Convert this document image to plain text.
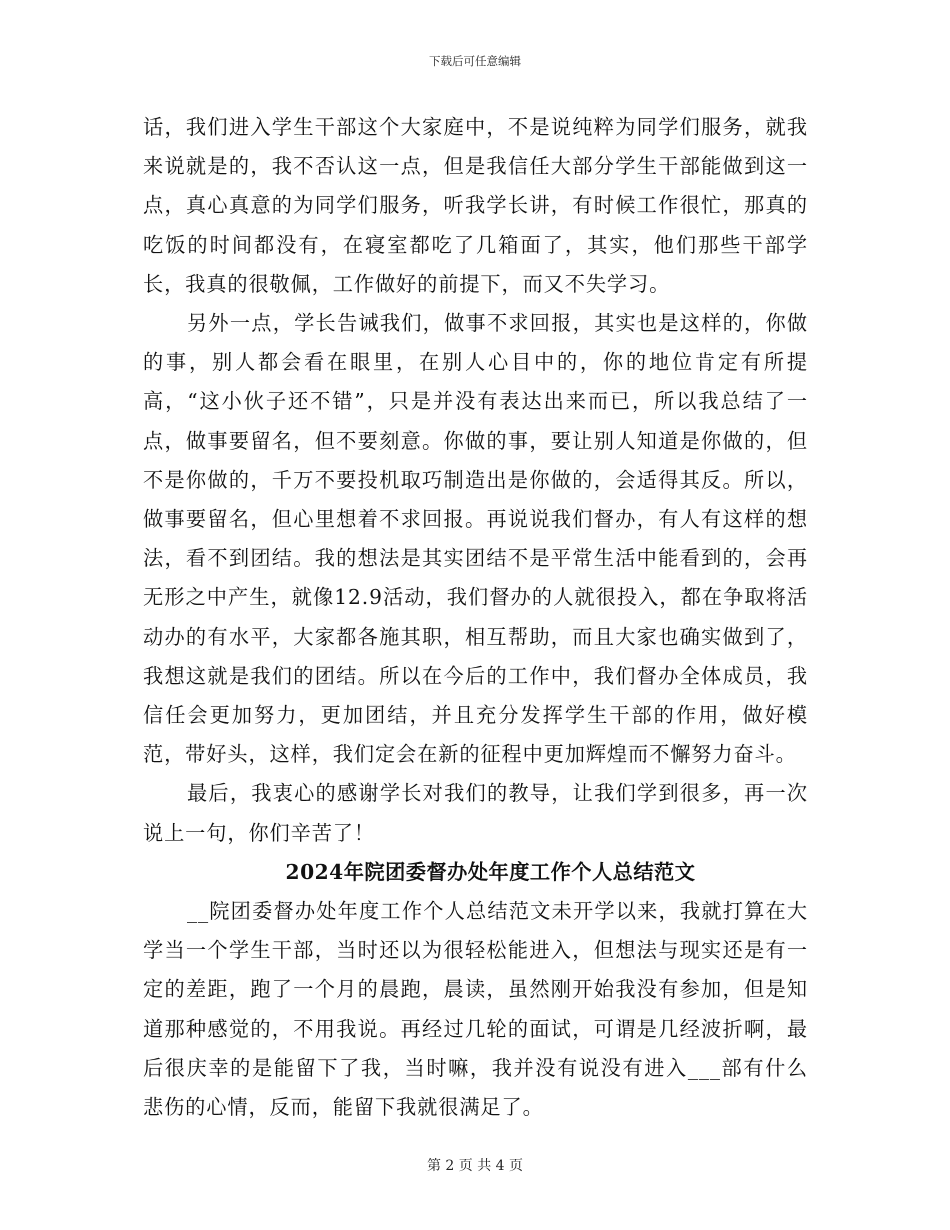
下载后可任意编辑

话，我们进入学生干部这个大家庭中，不是说纯粹为同学们服务，就我来说就是的，我不否认这一点，但是我信任大部分学生干部能做到这一点，真心真意的为同学们服务，听我学长讲，有时候工作很忙，那真的吃饭的时间都没有，在寝室都吃了几箱面了，其实，他们那些干部学长，我真的很敬佩，工作做好的前提下，而又不失学习。

另外一点，学长告诫我们，做事不求回报，其实也是这样的，你做的事，别人都会看在眼里，在别人心目中的，你的地位肯定有所提高，“这小伙子还不错”，只是并没有表达出来而已，所以我总结了一点，做事要留名，但不要刻意。你做的事，要让别人知道是你做的，但不是你做的，千万不要投机取巧制造出是你做的，会适得其反。所以，做事要留名，但心里想着不求回报。再说说我们督办，有人有这样的想法，看不到团结。我的想法是其实团结不是平常生活中能看到的，会再无形之中产生，就像12.9活动，我们督办的人就很投入，都在争取将活动办的有水平，大家都各施其职，相互帮助，而且大家也确实做到了，我想这就是我们的团结。所以在今后的工作中，我们督办全体成员，我信任会更加努力，更加团结，并且充分发挥学生干部的作用，做好模范，带好头，这样，我们定会在新的征程中更加辉煌而不懈努力奋斗。

最后，我衷心的感谢学长对我们的教导，让我们学到很多，再一次说上一句，你们辛苦了！

2024年院团委督办处年度工作个人总结范文

__院团委督办处年度工作个人总结范文未开学以来，我就打算在大学当一个学生干部，当时还以为很轻松能进入，但想法与现实还是有一定的差距，跑了一个月的晨跑，晨读，虽然刚开始我没有参加，但是知道那种感觉的，不用我说。再经过几轮的面试，可谓是几经波折啊，最后很庆幸的是能留下了我，当时嘛，我并没有说没有进入___部有什么悲伤的心情，反而，能留下我就很满足了。

第 2 页 共 4 页
